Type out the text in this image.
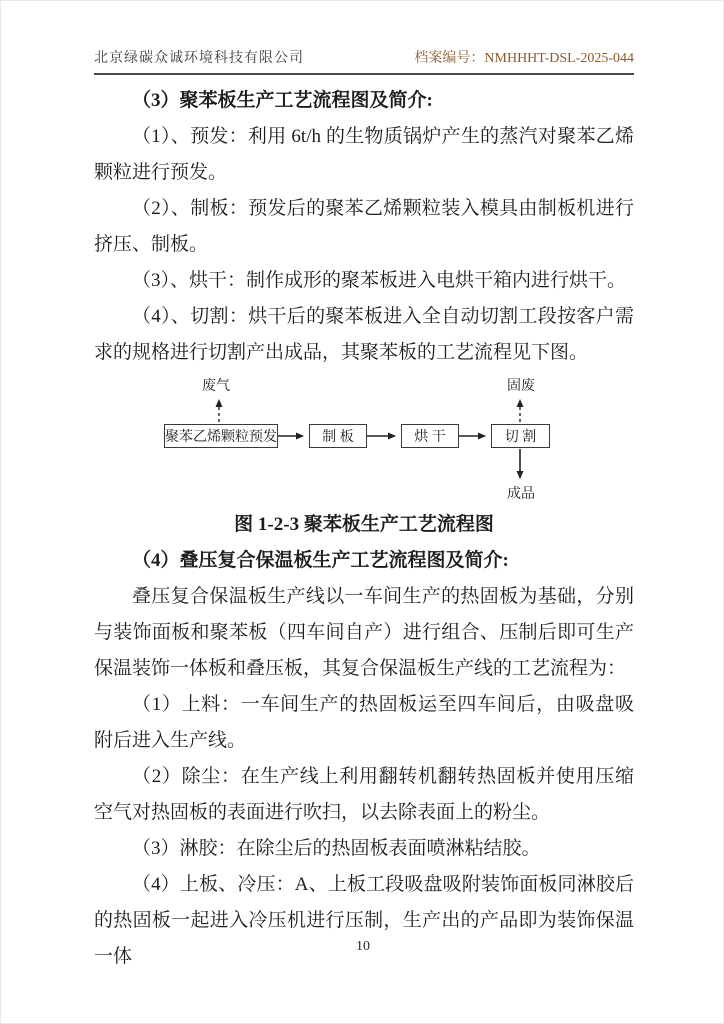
北京绿碳众诚环境科技有限公司	档案编号：NMHHHT-DSL-2025-044

（3）聚苯板生产工艺流程图及简介:

（1）、预发：利用 6t/h 的生物质锅炉产生的蒸汽对聚苯乙烯颗粒进行预发。

（2）、制板：预发后的聚苯乙烯颗粒装入模具由制板机进行挤压、制板。

（3）、烘干：制作成形的聚苯板进入电烘干箱内进行烘干。

（4）、切割：烘干后的聚苯板进入全自动切割工段按客户需求的规格进行切割产出成品，其聚苯板的工艺流程见下图。

废气	固废
成品
聚苯乙烯颗粒预发	制 板	烘 干	切 割

图 1-2-3 聚苯板生产工艺流程图

（4）叠压复合保温板生产工艺流程图及简介:

叠压复合保温板生产线以一车间生产的热固板为基础，分别与装饰面板和聚苯板（四车间自产）进行组合、压制后即可生产保温装饰一体板和叠压板，其复合保温板生产线的工艺流程为：

（1）上料：一车间生产的热固板运至四车间后，由吸盘吸附后进入生产线。

（2）除尘：在生产线上利用翻转机翻转热固板并使用压缩空气对热固板的表面进行吹扫，以去除表面上的粉尘。

（3）淋胶：在除尘后的热固板表面喷淋粘结胶。

（4）上板、冷压：A、上板工段吸盘吸附装饰面板同淋胶后的热固板一起进入冷压机进行压制，生产出的产品即为装饰保温一体	10
